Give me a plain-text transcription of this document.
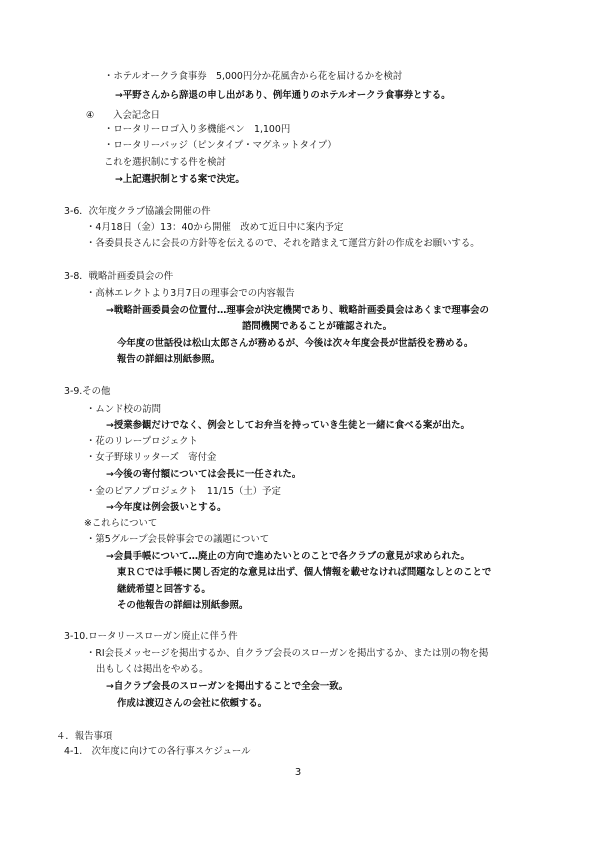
・ホテルオークラ食事券　5,000円分か花風舎から花を届けるかを検討
→平野さんから辞退の申し出があり、例年通りのホテルオークラ食事券とする。
④　　入会記念日
・ロータリーロゴ入り多機能ペン　1,100円
・ロータリーバッジ（ピンタイプ・マグネットタイプ）
これを選択制にする件を検討
→上記選択制とする案で決定。
3-6．次年度クラブ協議会開催の件
・4月18日（金）13：40から開催　改めて近日中に案内予定
・各委員長さんに会長の方針等を伝えるので、それを踏まえて運営方針の作成をお願いする。
3-8．戦略計画委員会の件
・高林エレクトより3月7日の理事会での内容報告
→戦略計画委員会の位置付…理事会が決定機関であり、戦略計画委員会はあくまで理事会の
諮問機関であることが確認された。
今年度の世話役は松山太郎さんが務めるが、今後は次々年度会長が世話役を務める。
報告の詳細は別紙参照。
3-9.その他
・ムンド校の訪問
→授業参観だけでなく、例会としてお弁当を持っていき生徒と一緒に食べる案が出た。
・花のリレープロジェクト
・女子野球リッターズ　寄付金
→今後の寄付額については会長に一任された。
・金のピアノプロジェクト　11/15（土）予定
→今年度は例会扱いとする。
※これらについて
・第5グループ会長幹事会での議題について
→会員手帳について…廃止の方向で進めたいとのことで各クラブの意見が求められた。
東ＲＣでは手帳に関し否定的な意見は出ず、個人情報を載せなければ問題なしとのことで
継続希望と回答する。
その他報告の詳細は別紙参照。
3-10.ロータリースローガン廃止に伴う件
・RI会長メッセージを掲出するか、自クラブ会長のスローガンを掲出するか、または別の物を掲
出もしくは掲出をやめる。
→自クラブ会長のスローガンを掲出することで全会一致。
作成は渡辺さんの会社に依頼する。
４．報告事項
4-1.　次年度に向けての各行事スケジュール
3
